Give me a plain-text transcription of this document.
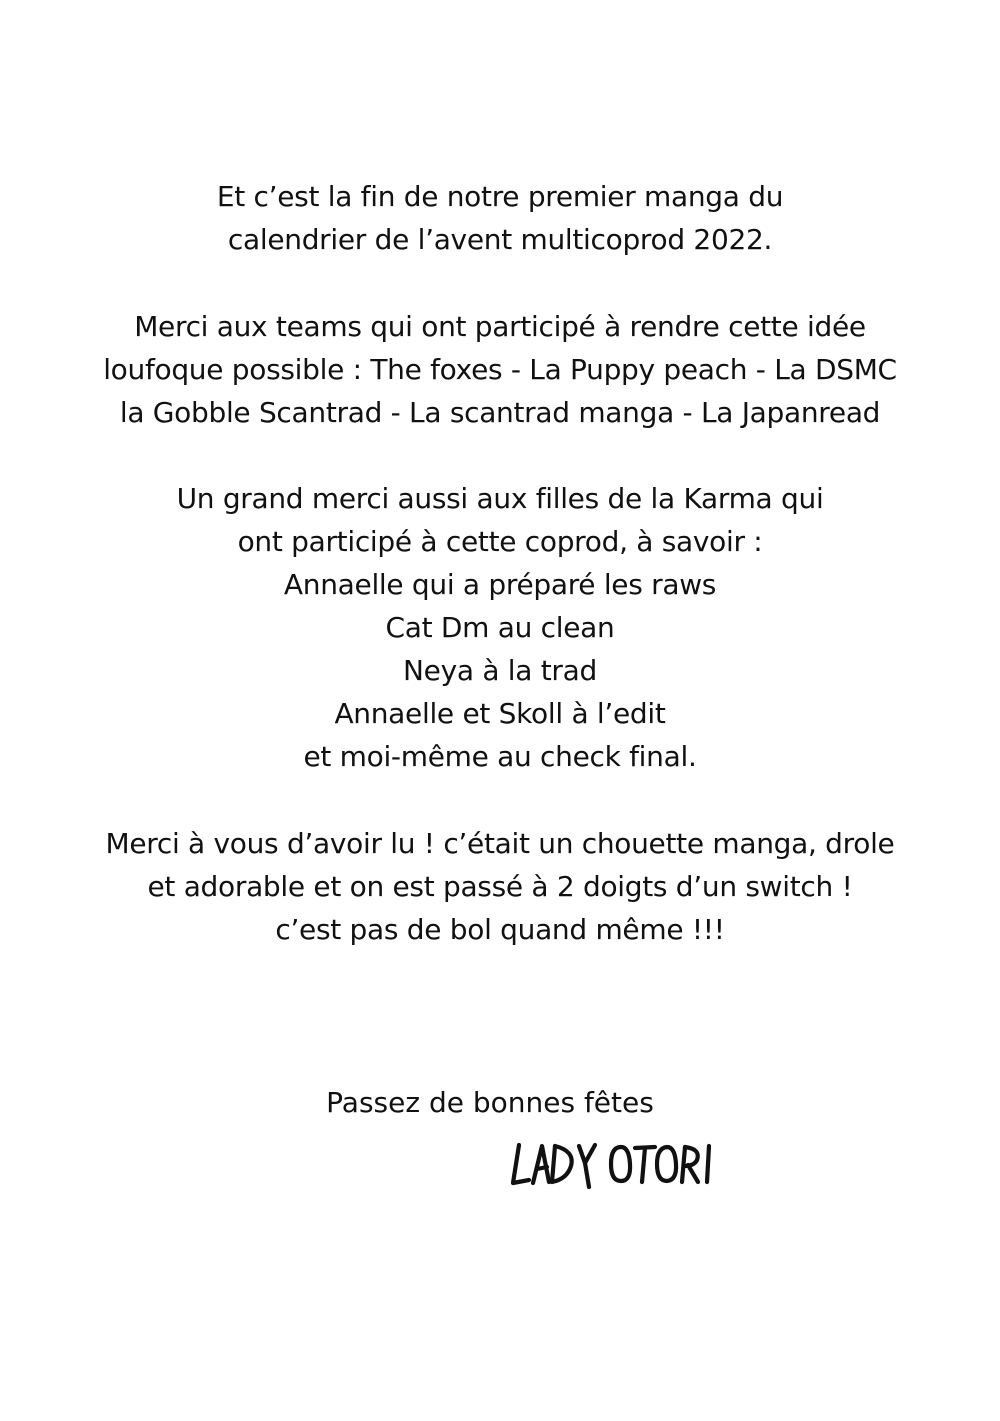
Et c’est la fin de notre premier manga du
calendrier de l’avent multicoprod 2022.
Merci aux teams qui ont participé à rendre cette idée
loufoque possible : The foxes - La Puppy peach - La DSMC
la Gobble Scantrad - La scantrad manga - La Japanread
Un grand merci aussi aux filles de la Karma qui
ont participé à cette coprod, à savoir :
Annaelle qui a préparé les raws
Cat Dm au clean
Neya à la trad
Annaelle et Skoll à l’edit
et moi-même au check final.
Merci à vous d’avoir lu ! c’était un chouette manga, drole
et adorable et on est passé à 2 doigts d’un switch !
c’est pas de bol quand même !!!
Passez de bonnes fêtes
